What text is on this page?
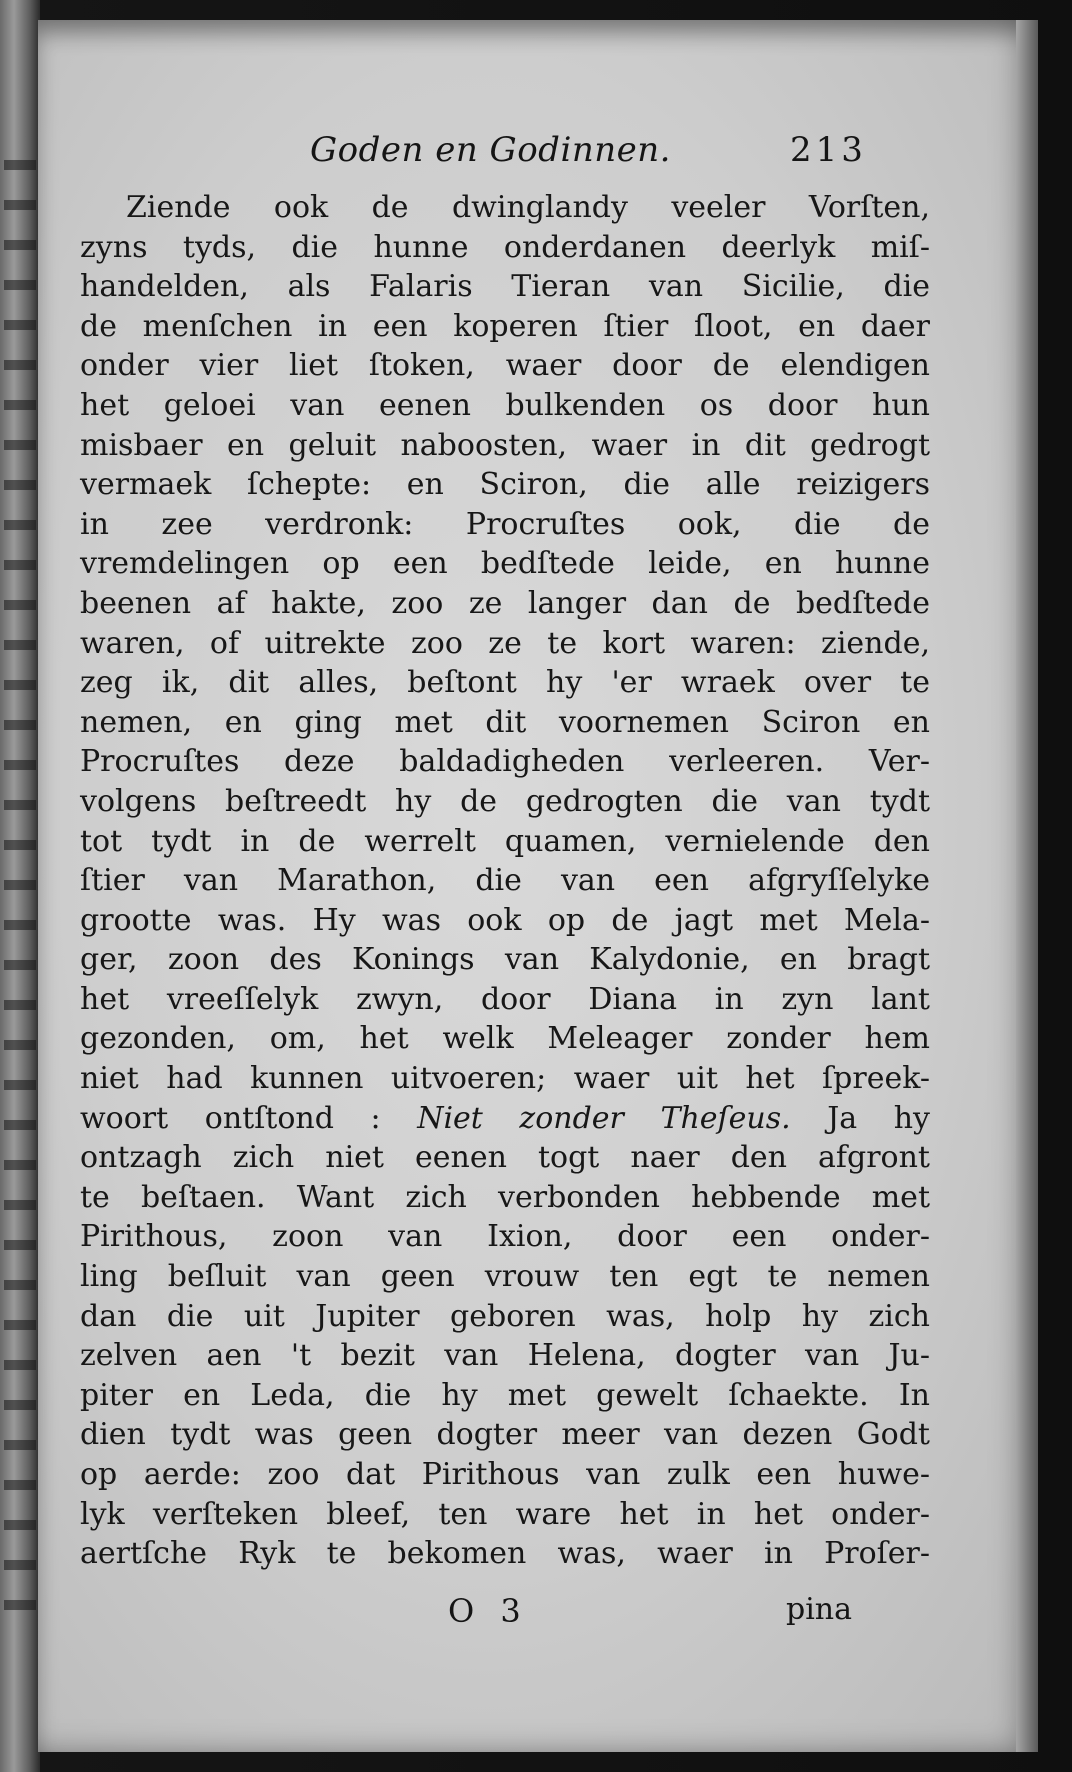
Goden en Godinnen.	213
Ziende ook de dwinglandy veeler Vorſten,
zyns tyds, die hunne onderdanen deerlyk miſ-
handelden, als Falaris Tieran van Sicilie, die
de menſchen in een koperen ſtier ſloot, en daer
onder vier liet ſtoken, waer door de elendigen
het geloei van eenen bulkenden os door hun
misbaer en geluit naboosten, waer in dit gedrogt
vermaek ſchepte: en Sciron, die alle reizigers
in zee verdronk: Procruſtes ook, die de
vremdelingen op een bedſtede leide, en hunne
beenen af hakte, zoo ze langer dan de bedſtede
waren, of uitrekte zoo ze te kort waren: ziende,
zeg ik, dit alles, beſtont hy 'er wraek over te
nemen, en ging met dit voornemen Sciron en
Procruſtes deze baldadigheden verleeren. Ver-
volgens beſtreedt hy de gedrogten die van tydt
tot tydt in de werrelt quamen, vernielende den
ſtier van Marathon, die van een afgryſſelyke
grootte was. Hy was ook op de jagt met Mela-
ger, zoon des Konings van Kalydonie, en bragt
het vreeſſelyk zwyn, door Diana in zyn lant
gezonden, om, het welk Meleager zonder hem
niet had kunnen uitvoeren; waer uit het ſpreek-
woort ontſtond : Niet zonder Theſeus. Ja hy
ontzagh zich niet eenen togt naer den afgront
te beſtaen. Want zich verbonden hebbende met
Pirithous, zoon van Ixion, door een onder-
ling beſluit van geen vrouw ten egt te nemen
dan die uit Jupiter geboren was, holp hy zich
zelven aen 't bezit van Helena, dogter van Ju-
piter en Leda, die hy met gewelt ſchaekte. In
dien tydt was geen dogter meer van dezen Godt
op aerde: zoo dat Pirithous van zulk een huwe-
lyk verſteken bleef, ten ware het in het onder-
aertſche Ryk te bekomen was, waer in Proſer-
O 3	pina
